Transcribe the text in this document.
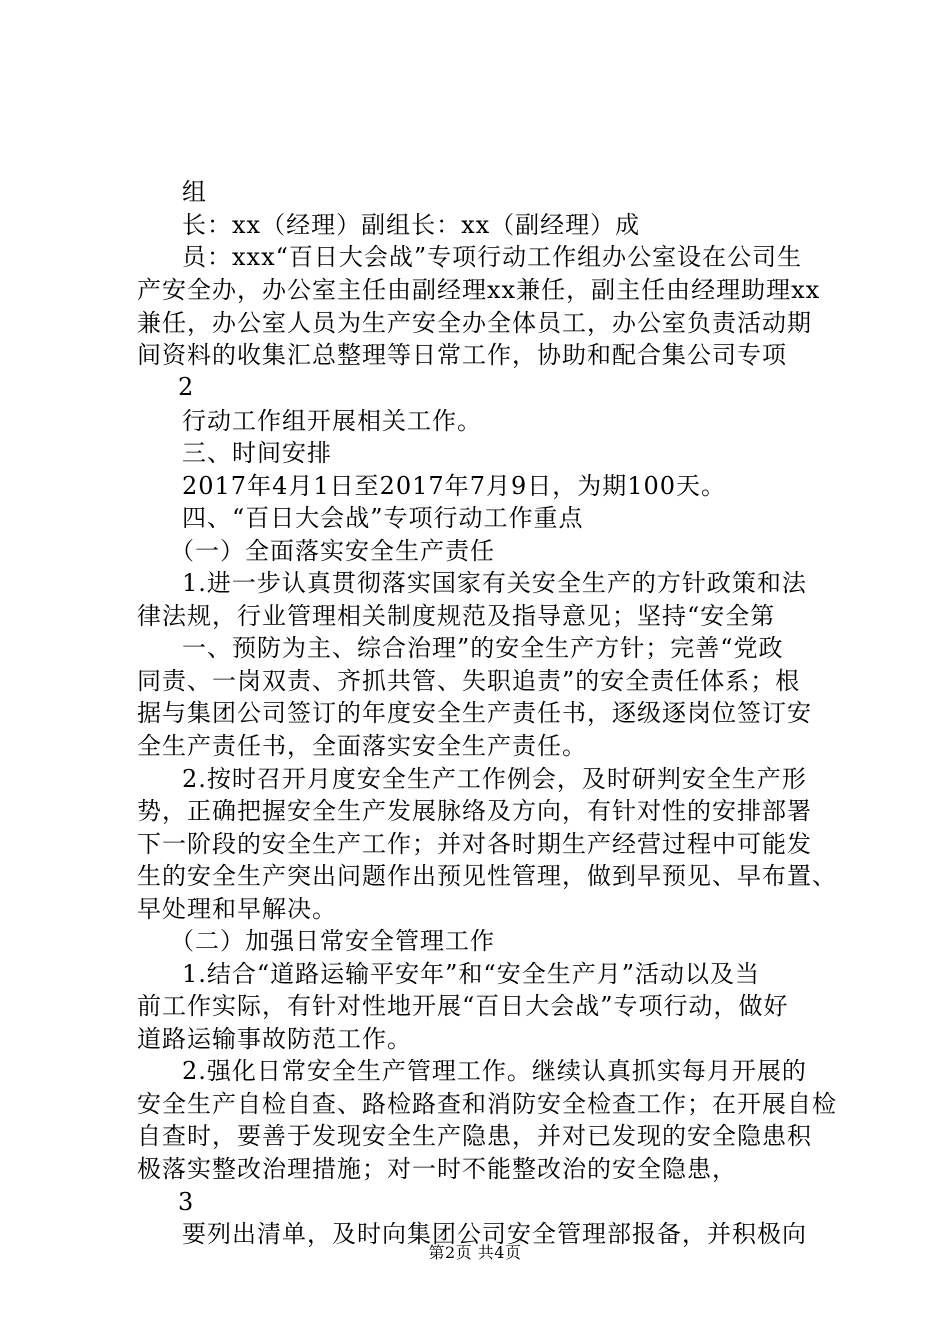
组
长：xx（经理）副组长：xx（副经理）成
员：xxx“百日大会战”专项行动工作组办公室设在公司生
产安全办，办公室主任由副经理xx兼任，副主任由经理助理xx
兼任，办公室人员为生产安全办全体员工，办公室负责活动期
间资料的收集汇总整理等日常工作，协助和配合集公司专项
2
行动工作组开展相关工作。
三、时间安排
2017年4月1日至2017年7月9日，为期100天。
四、“百日大会战”专项行动工作重点
（一）全面落实安全生产责任
1.进一步认真贯彻落实国家有关安全生产的方针政策和法
律法规，行业管理相关制度规范及指导意见；坚持“安全第
一、预防为主、综合治理”的安全生产方针；完善“党政
同责、一岗双责、齐抓共管、失职追责”的安全责任体系；根
据与集团公司签订的年度安全生产责任书，逐级逐岗位签订安
全生产责任书，全面落实安全生产责任。
2.按时召开月度安全生产工作例会，及时研判安全生产形
势，正确把握安全生产发展脉络及方向，有针对性的安排部署
下一阶段的安全生产工作；并对各时期生产经营过程中可能发
生的安全生产突出问题作出预见性管理，做到早预见、早布置、
早处理和早解决。
（二）加强日常安全管理工作
1.结合“道路运输平安年”和“安全生产月”活动以及当
前工作实际，有针对性地开展“百日大会战”专项行动，做好
道路运输事故防范工作。
2.强化日常安全生产管理工作。继续认真抓实每月开展的
安全生产自检自查、路检路查和消防安全检查工作；在开展自检
自查时，要善于发现安全生产隐患，并对已发现的安全隐患积
极落实整改治理措施；对一时不能整改治的安全隐患，
3
要列出清单，及时向集团公司安全管理部报备，并积极向
第2页 共4页
